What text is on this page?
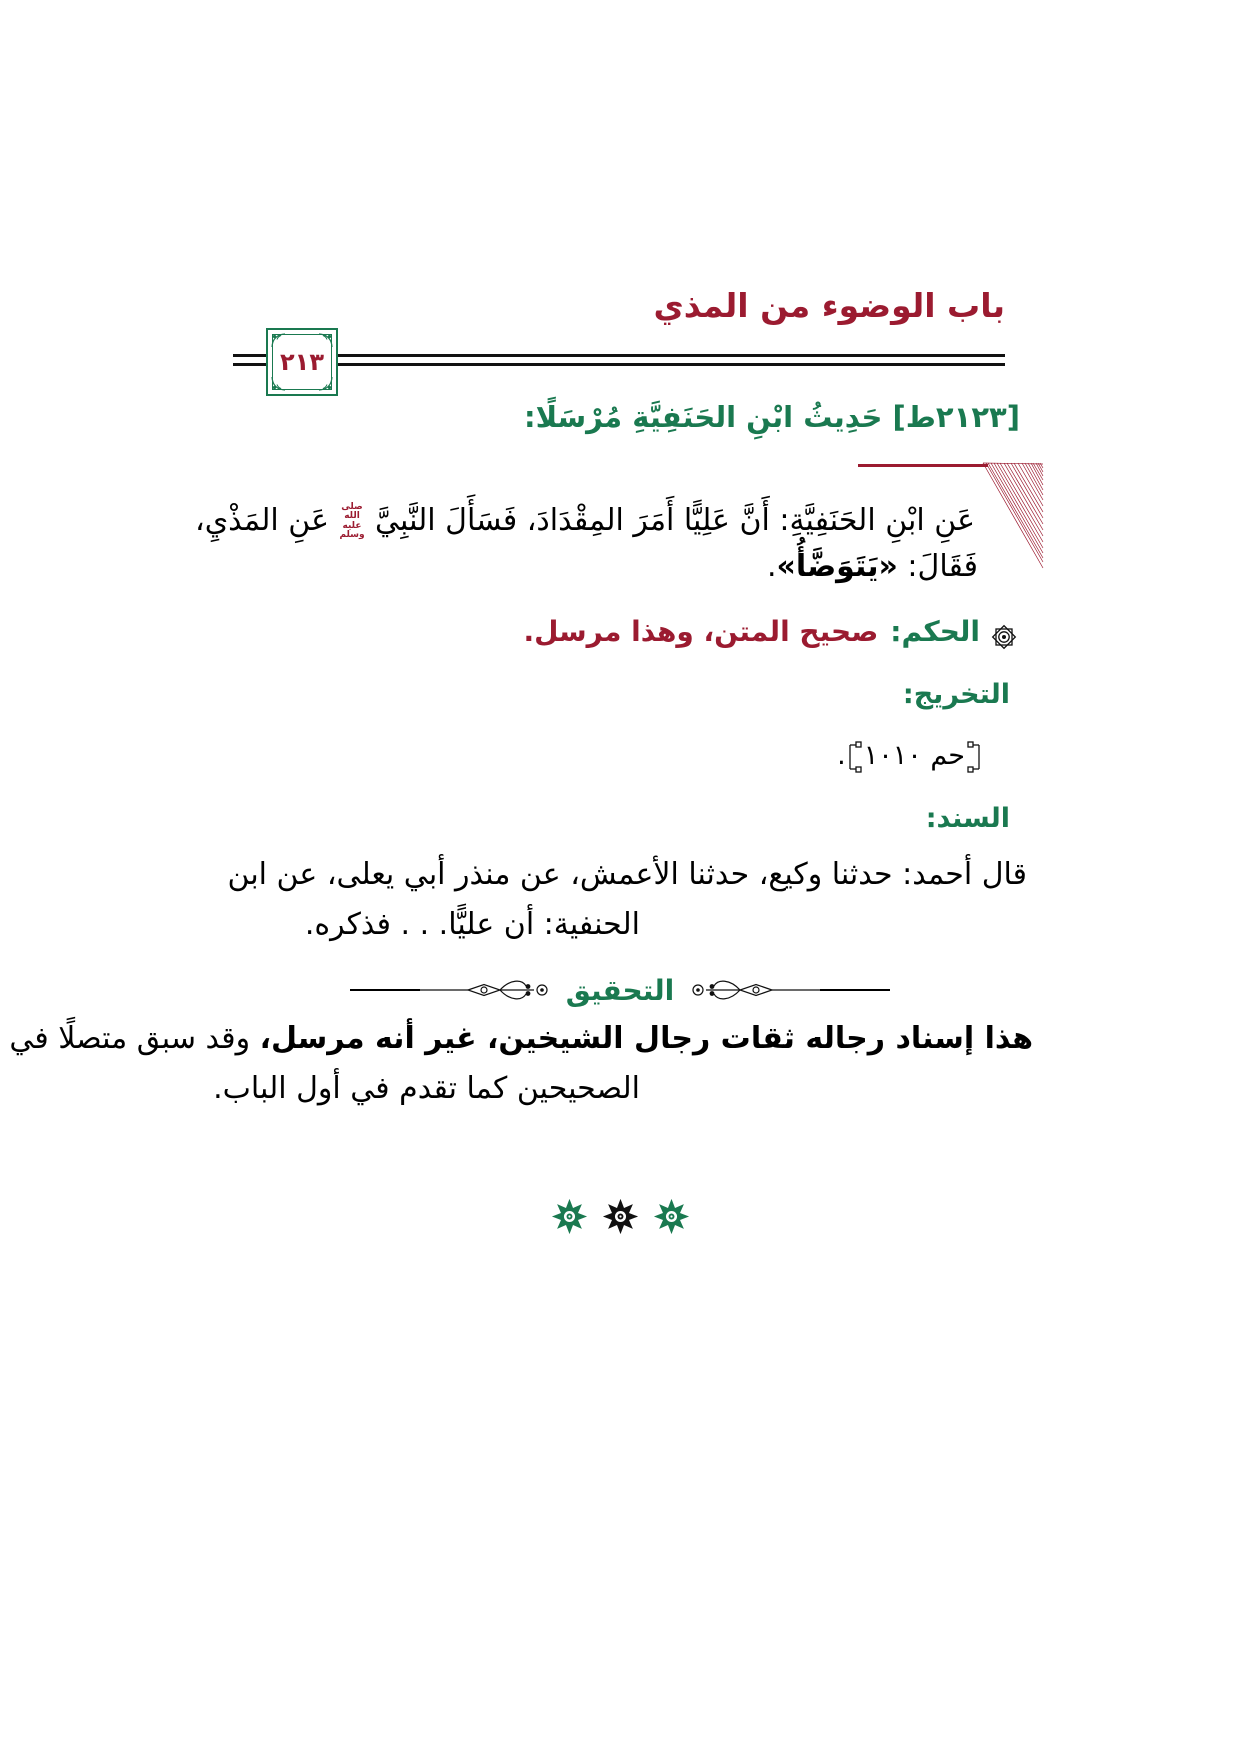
باب الوضوء من المذي
٢١٣
[٢١٢٣ط] حَدِيثُ ابْنِ الحَنَفِيَّةِ مُرْسَلًا:
عَنِ ابْنِ الحَنَفِيَّةِ: أَنَّ عَلِيًّا أَمَرَ المِقْدَادَ، فَسَأَلَ النَّبِيَّصلى الله عليه وسلمعَنِ المَذْيِ،
فَقَالَ: «يَتَوَضَّأُ».
الحكم:صحيح المتن، وهذا مرسل.
التخريج:
حم ١٠١٠.
السند:
قال أحمد: حدثنا وكيع، حدثنا الأعمش، عن منذر أبي يعلى، عن ابن
الحنفية: أن عليًّا. . . فذكره.
التحقيق
هذا إسناد رجاله ثقات رجال الشيخين، غير أنه مرسل، وقد سبق متصلًا في
الصحيحين كما تقدم في أول الباب.
